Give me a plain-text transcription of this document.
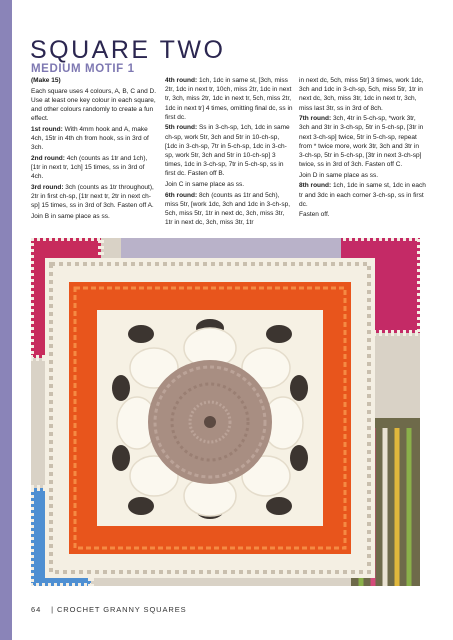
SQUARE TWO
MEDIUM MOTIF 1

(Make 15)

Each square uses 4 colours, A, B, C and D. Use at least one key colour in each square, and other colours randomly to create a fun effect.

1st round: With 4mm hook and A, make 4ch, 15tr in 4th ch from hook, ss in 3rd of 3ch.

2nd round: 4ch (counts as 1tr and 1ch), [1tr in next tr, 1ch] 15 times, ss in 3rd of 4ch.

3rd round: 3ch (counts as 1tr throughout), 2tr in first ch-sp, [1tr next tr, 2tr in next ch-sp] 15 times, ss in 3rd of 3ch. Fasten off A.

Join B in same place as ss.

4th round: 1ch, 1dc in same st, [3ch, miss 2tr, 1dc in next tr, 10ch, miss 2tr, 1dc in next tr, 3ch, miss 2tr, 1dc in next tr, 5ch, miss 2tr, 1dc in next tr] 4 times, omitting final dc, ss in first dc.

5th round: Ss in 3-ch-sp, 1ch, 1dc in same ch-sp, work 5tr, 3ch and 5tr in 10-ch-sp, [1dc in 3-ch-sp, 7tr in 5-ch-sp, 1dc in 3-ch-sp, work 5tr, 3ch and 5tr in 10-ch-sp] 3 times, 1dc in 3-ch-sp, 7tr in 5-ch-sp, ss in first dc. Fasten off B.

Join C in same place as ss.

6th round: 8ch (counts as 1tr and 5ch), miss 5tr, [work 1dc, 3ch and 1dc in 3-ch-sp, 5ch, miss 5tr, 1tr in next dc, 3ch, miss 3tr, 1tr in next dc, 3ch, miss 3tr, 1tr

in next dc, 5ch, miss 5tr] 3 times, work 1dc, 3ch and 1dc in 3-ch-sp, 5ch, miss 5tr, 1tr in next dc, 3ch, miss 3tr, 1dc in next tr, 3ch, miss last 3tr, ss in 3rd of 8ch.

7th round: 3ch, 4tr in 5-ch-sp, *work 3tr, 3ch and 3tr in 3-ch-sp, 5tr in 5-ch-sp, [3tr in next 3-ch-sp] twice, 5tr in 5-ch-sp, repeat from * twice more, work 3tr, 3ch and 3tr in 3-ch-sp, 5tr in 5-ch-sp, [3tr in next 3-ch-sp] twice, ss in 3rd of 3ch. Fasten off C.

Join D in same place as ss.

8th round: 1ch, 1dc in same st, 1dc in each tr and 3dc in each corner 3-ch-sp, ss in first dc.

Fasten off.

64 | CROCHET GRANNY SQUARES
